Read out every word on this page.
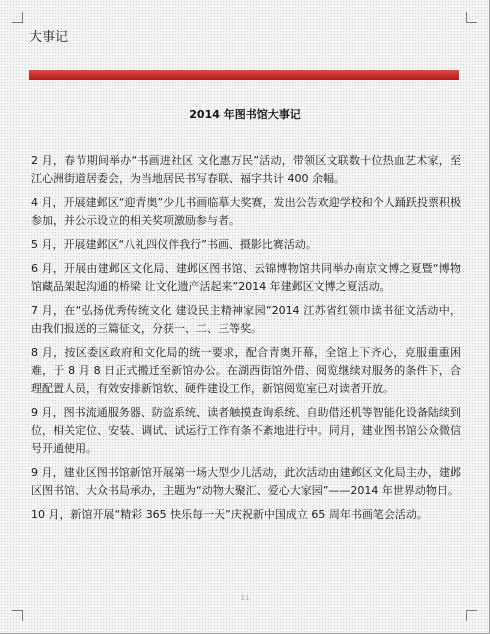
大事记
2014 年图书馆大事记

2 月，春节期间举办“书画进社区 文化惠万民”活动，带领区文联数十位热血艺术家，至江心洲街道居委会，为当地居民书写春联、福字共计 400 余幅。

4 月，开展建邺区“迎青奥”少儿书画临摹大奖赛，发出公告欢迎学校和个人踊跃投票积极参加，并公示设立的相关奖项激励参与者。

5 月，开展建邺区“八礼四仪伴我行”书画、摄影比赛活动。

6 月，开展由建邺区文化局、建邺区图书馆、云锦博物馆共同举办南京文博之夏暨“博物馆藏品架起沟通的桥梁 让文化遗产活起来”2014 年建邺区文博之夏活动。

7 月，在“弘扬优秀传统文化 建设民主精神家园”2014 江苏省红领巾读书征文活动中，由我们报送的三篇征文，分获一、二、三等奖。

8 月，按区委区政府和文化局的统一要求，配合青奥开幕，全馆上下齐心，克服重重困难，于 8 月 8 日正式搬迁至新馆办公。在湖西街馆外借、阅览继续对服务的条件下，合理配置人员，有效安排新馆软、硬件建设工作，新馆阅览室已对读者开放。

9 月，图书流通服务器、防盗系统、读者触摸查询系统、自助借还机等智能化设备陆续到位，相关定位、安装、调试、试运行工作有条不紊地进行中。同月，建业图书馆公众微信号开通使用。

9 月，建业区图书馆新馆开展第一场大型少儿活动，此次活动由建邺区文化局主办，建邺区图书馆、大众书局承办，主题为“动物大聚汇、爱心大家园”——2014 年世界动物日。

10 月，新馆开展“精彩 365 快乐每一天”庆祝新中国成立 65 周年书画笔会活动。

11
